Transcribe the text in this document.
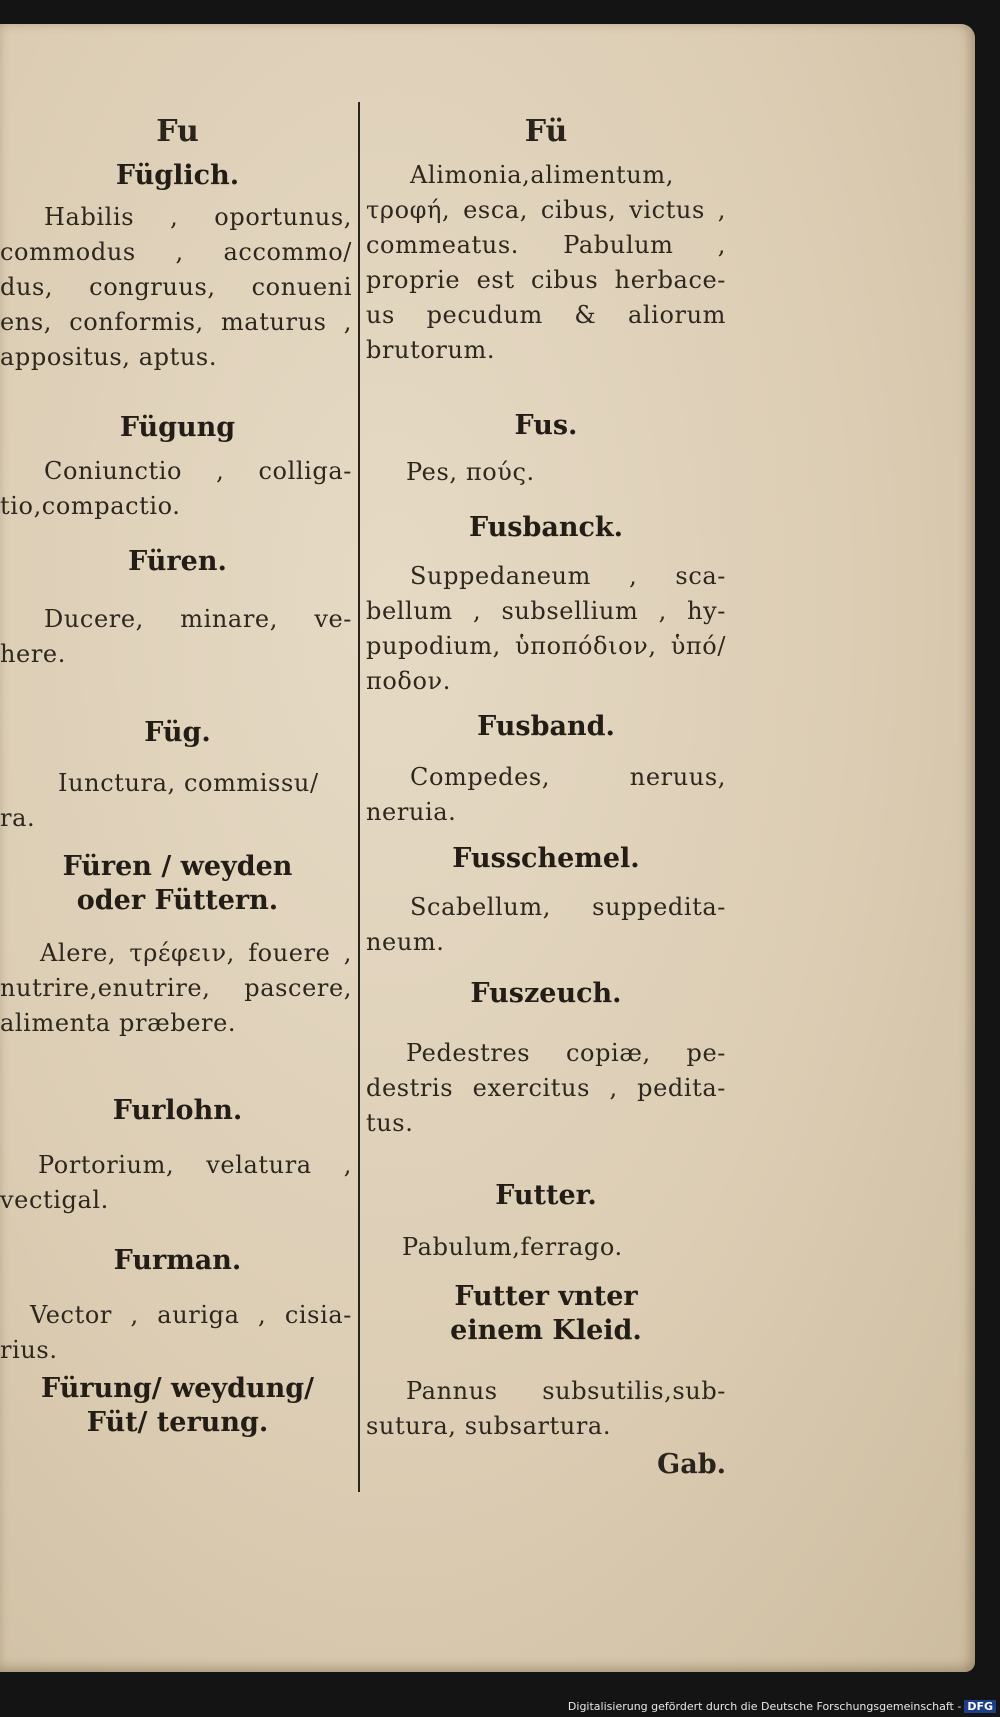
Fu
Füglich.
Habilis , oportunus,
commodus , accommo/
dus, congruus, conueni
ens, conformis, maturus ,
appositus, aptus.
Fügung
Coniunctio , colliga-
tio,compactio.
Füren.
Ducere, minare, ve-
here.
Füg.
Iunctura, commissu/
ra.
Füren / weyden
oder Füttern.
Alere, τρέφειν, fouere ,
nutrire,enutrire, pascere,
alimenta præbere.
Furlohn.
Portorium, velatura ,
vectigal.
Furman.
Vector , auriga , cisia-
rius.
Fürung/ weydung/
Füt/ terung.
Fü
Alimonia,alimentum,
τροφή, esca, cibus, victus ,
commeatus. Pabulum ,
proprie est cibus herbace-
us pecudum & aliorum
brutorum.
Fus.
Pes, πούς.
Fusbanck.
Suppedaneum , sca-
bellum , subsellium , hy-
pupodium, ὑποπόδιον, ὑπό/
ποδον.
Fusband.
Compedes, neruus,
neruia.
Fusschemel.
Scabellum, suppedita-
neum.
Fuszeuch.
Pedestres copiæ, pe-
destris exercitus , pedita-
tus.
Futter.
Pabulum,ferrago.
Futter vnter
einem Kleid.
Pannus subsutilis,sub-
sutura, subsartura.
Gab.
Digitalisierung gefördert durch die Deutsche Forschungsgemeinschaft - DFG
